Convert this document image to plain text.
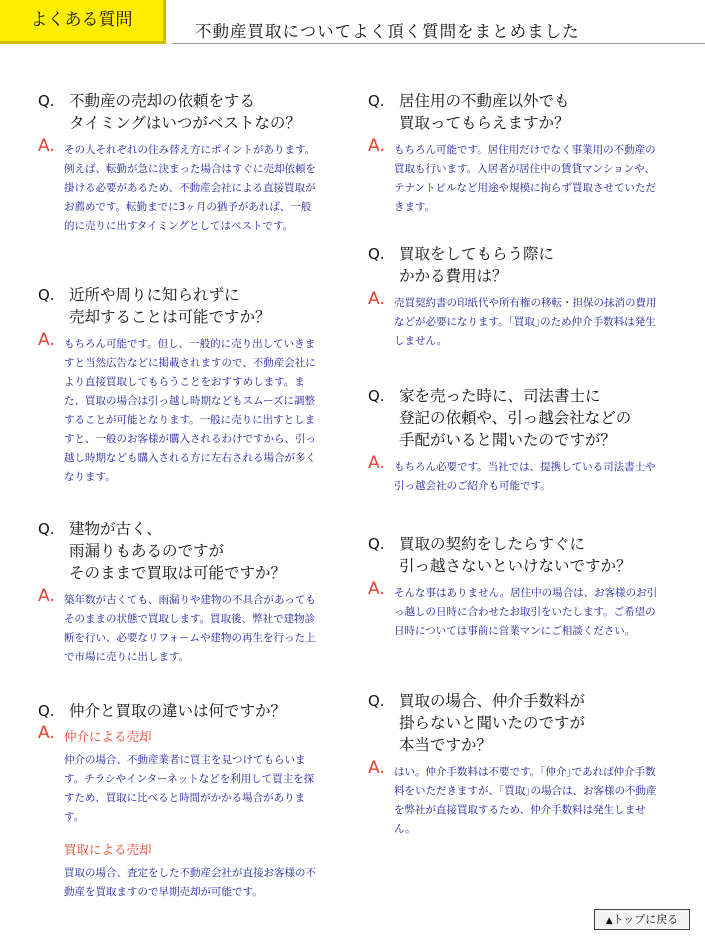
よくある質問
不動産買取についてよく頂く質問をまとめました
Q. 不動産の売却の依頼をする
タイミングはいつがベストなの？
A. その人それぞれの住み替え方にポイントがあります。例えば、転勤が急に決まった場合はすぐに売却依頼を掛ける必要があるため、不動産会社による直接買取がお薦めです。転勤までに3ヶ月の猶予があれば、一般的に売りに出すタイミングとしてはベストです。
Q. 近所や周りに知られずに
売却することは可能ですか？
A. もちろん可能です。但し、一般的に売り出していきますと当然広告などに掲載されますので、不動産会社により直接買取してもらうことをおすすめします。また、買取の場合は引っ越し時期などもスムーズに調整することが可能となります。一般に売りに出すとしますと、一般のお客様が購入されるわけですから、引っ越し時期なども購入される方に左右される場合が多くなります。
Q. 建物が古く、
雨漏りもあるのですが
そのままで買取は可能ですか？
A. 築年数が古くても、雨漏りや建物の不具合があってもそのままの状態で買取します。買取後、弊社で建物診断を行い、必要なリフォームや建物の再生を行った上で市場に売りに出します。
Q. 仲介と買取の違いは何ですか？
A. 仲介による売却
仲介の場合、不動産業者に買主を見つけてもらいます。チラシやインターネットなどを利用して買主を探すため、買取に比べると時間がかかる場合があります。
買取による売却
買取の場合、査定をした不動産会社が直接お客様の不動産を買取ますので早期売却が可能です。
Q. 居住用の不動産以外でも
買取ってもらえますか？
A. もちろん可能です。居住用だけでなく事業用の不動産の買取も行います。入居者が居住中の賃貸マンションや、テナントビルなど用途や規模に拘らず買取させていただきます。
Q. 買取をしてもらう際に
かかる費用は？
A. 売買契約書の印紙代や所有権の移転・担保の抹消の費用などが必要になります。｢買取｣のため仲介手数料は発生しません。
Q. 家を売った時に、司法書士に
登記の依頼や、引っ越会社などの
手配がいると聞いたのですが？
A. もちろん必要です。当社では、提携している司法書士や引っ越会社のご紹介も可能です。
Q. 買取の契約をしたらすぐに
引っ越さないといけないですか？
A. そんな事はありません。居住中の場合は、お客様のお引っ越しの日時に合わせたお取引をいたします。ご希望の日時については事前に営業マンにご相談ください。
Q. 買取の場合、仲介手数料が
掛らないと聞いたのですが
本当ですか？
A. はい。仲介手数料は不要です。｢仲介｣であれば仲介手数料をいただきますが、｢買取｣の場合は、お客様の不動産を弊社が直接買取するため、仲介手数料は発生しません。
▲トップに戻る
